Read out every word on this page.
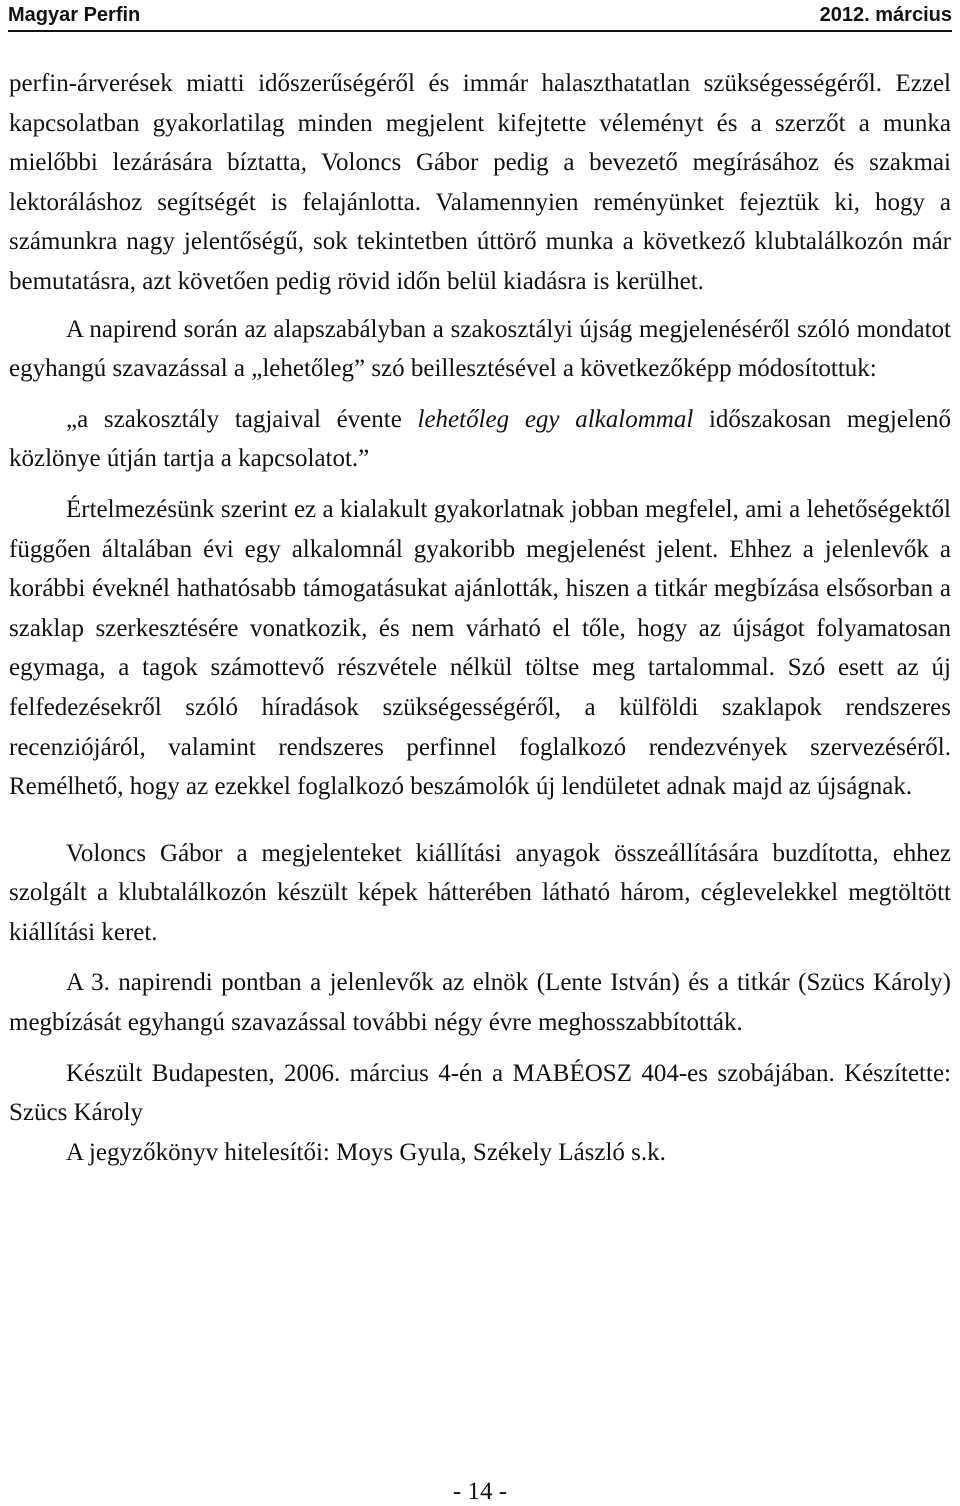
Magyar Perfin	2012. március

perfin-árverések miatti időszerűségéről és immár halaszthatatlan szükségességéről. Ezzel kapcsolatban gyakorlatilag minden megjelent kifejtette véleményt és a szerzőt a munka mielőbbi lezárására bíztatta, Voloncs Gábor pedig a bevezető megírásához és szakmai lektoráláshoz segítségét is felajánlotta. Valamennyien reményünket fejeztük ki, hogy a számunkra nagy jelentőségű, sok tekintetben úttörő munka a következő klubtalálkozón már bemutatásra, azt követően pedig rövid időn belül kiadásra is kerülhet.

A napirend során az alapszabályban a szakosztályi újság megjelenéséről szóló mondatot egyhangú szavazással a „lehetőleg” szó beillesztésével a következőképp módosítottuk:

„a szakosztály tagjaival évente lehetőleg egy alkalommal időszakosan megjelenő közlönye útján tartja a kapcsolatot.”

Értelmezésünk szerint ez a kialakult gyakorlatnak jobban megfelel, ami a lehetőségektől függően általában évi egy alkalomnál gyakoribb megjelenést jelent. Ehhez a jelenlevők a korábbi éveknél hathatósabb támogatásukat ajánlották, hiszen a titkár megbízása elsősorban a szaklap szerkesztésére vonatkozik, és nem várható el tőle, hogy az újságot folyamatosan egymaga, a tagok számottevő részvétele nélkül töltse meg tartalommal. Szó esett az új felfedezésekről szóló híradások szükségességéről, a külföldi szaklapok rendszeres recenziójáról, valamint rendszeres perfinnel foglalkozó rendezvények szervezéséről. Remélhető, hogy az ezekkel foglalkozó beszámolók új lendületet adnak majd az újságnak.

Voloncs Gábor a megjelenteket kiállítási anyagok összeállítására buzdította, ehhez szolgált a klubtalálkozón készült képek hátterében látható három, céglevelekkel megtöltött kiállítási keret.

A 3. napirendi pontban a jelenlevők az elnök (Lente István) és a titkár (Szücs Károly) megbízását egyhangú szavazással további négy évre meghosszabbították.

Készült Budapesten, 2006. március 4-én a MABÉOSZ 404-es szobájában. Készítette: Szücs Károly

A jegyzőkönyv hitelesítői: Moys Gyula, Székely László s.k.

- 14 -
